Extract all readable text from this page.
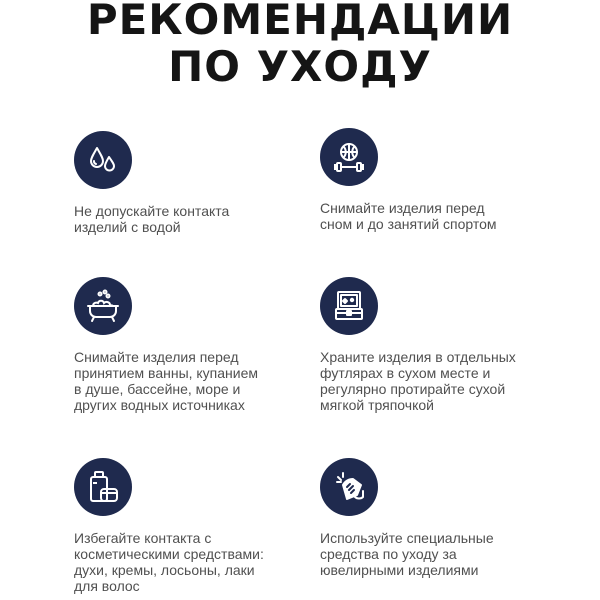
РЕКОМЕНДАЦИИ
ПО УХОДУ
Не допускайте контакта
изделий с водой
Снимайте изделия перед
сном и до занятий спортом
Снимайте изделия перед
принятием ванны, купанием
в душе, бассейне, море и
других водных источниках
Храните изделия в отдельных
футлярах в сухом месте и
регулярно протирайте сухой
мягкой тряпочкой
Избегайте контакта с
косметическими средствами:
духи, кремы, лосьоны, лаки
для волос
Используйте специальные
средства по уходу за
ювелирными изделиями
